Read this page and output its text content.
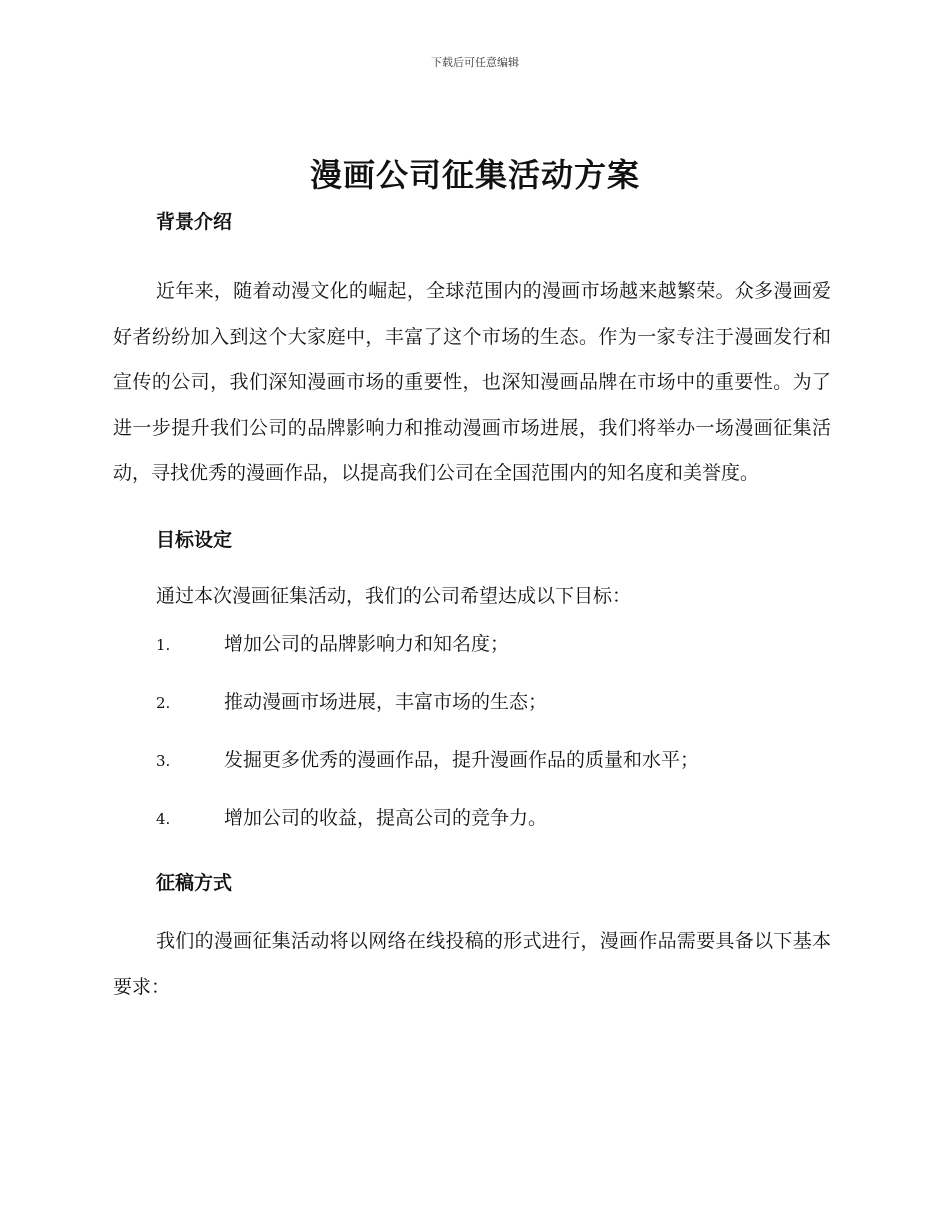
下载后可任意编辑
漫画公司征集活动方案
背景介绍

近年来，随着动漫文化的崛起，全球范围内的漫画市场越来越繁荣。众多漫画爱好者纷纷加入到这个大家庭中，丰富了这个市场的生态。作为一家专注于漫画发行和宣传的公司，我们深知漫画市场的重要性，也深知漫画品牌在市场中的重要性。为了进一步提升我们公司的品牌影响力和推动漫画市场进展，我们将举办一场漫画征集活动，寻找优秀的漫画作品，以提高我们公司在全国范围内的知名度和美誉度。

目标设定

通过本次漫画征集活动，我们的公司希望达成以下目标：

1.	增加公司的品牌影响力和知名度；
2.	推动漫画市场进展，丰富市场的生态；
3.	发掘更多优秀的漫画作品，提升漫画作品的质量和水平；
4.	增加公司的收益，提高公司的竞争力。
征稿方式

我们的漫画征集活动将以网络在线投稿的形式进行，漫画作品需要具备以下基本要求：
